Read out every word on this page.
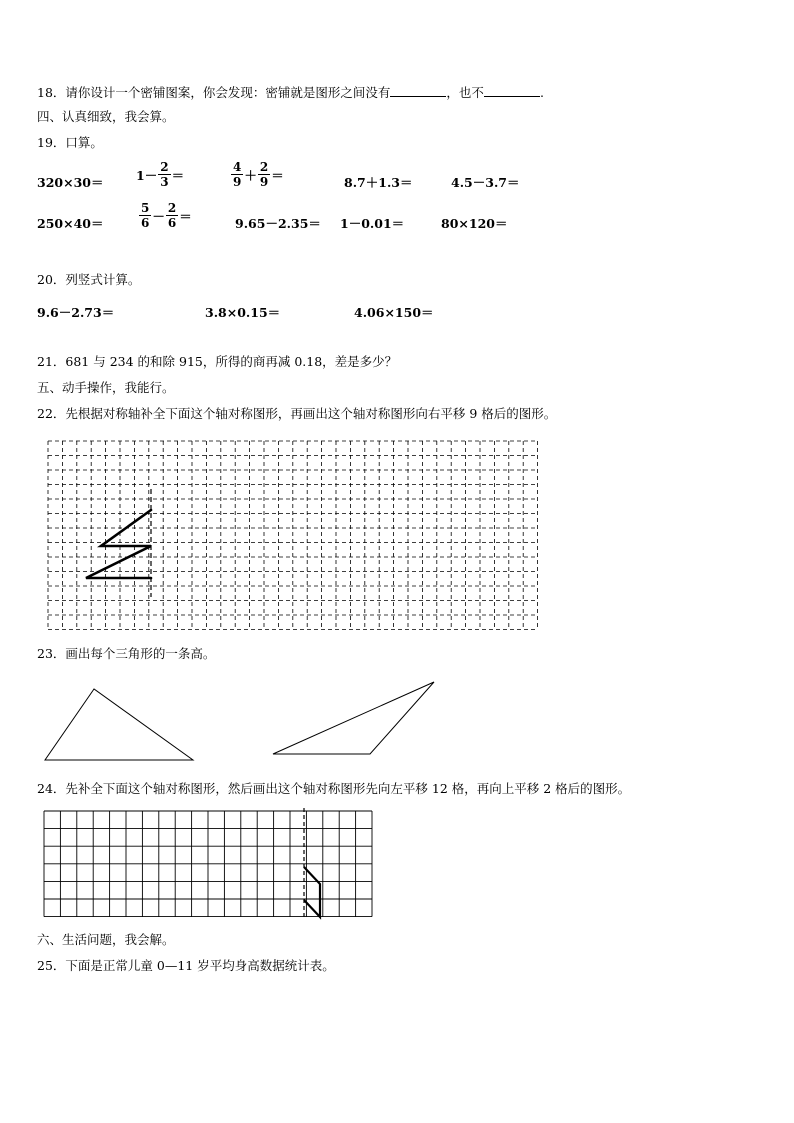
18．请你设计一个密铺图案，你会发现：密铺就是图形之间没有	，也不	.
四、认真细致，我会算。
19．口算。
320×30＝	$1- \frac{2}{3}$ ＝	$\frac{4}{9} + \frac{2}{9}$ ＝	8.7＋1.3＝	4.5－3.7＝
250×40＝	$\frac{5}{6} - \frac{2}{6}$ ＝	9.65－2.35＝ 1－0.01＝	80×120＝
20．列竖式计算。
9.6－2.73＝	3.8×0.15＝	4.06×150＝
21．681 与 234 的和除 915，所得的商再减 0.18，差是多少？
五、动手操作，我能行。
22．先根据对称轴补全下面这个轴对称图形，再画出这个轴对称图形向右平移 9 格后的图形。
23．画出每个三角形的一条高。
24．先补全下面这个轴对称图形，然后画出这个轴对称图形先向左平移 12 格，再向上平移 2 格后的图形。
六、生活问题，我会解。
25．下面是正常儿童 0—11 岁平均身高数据统计表。
